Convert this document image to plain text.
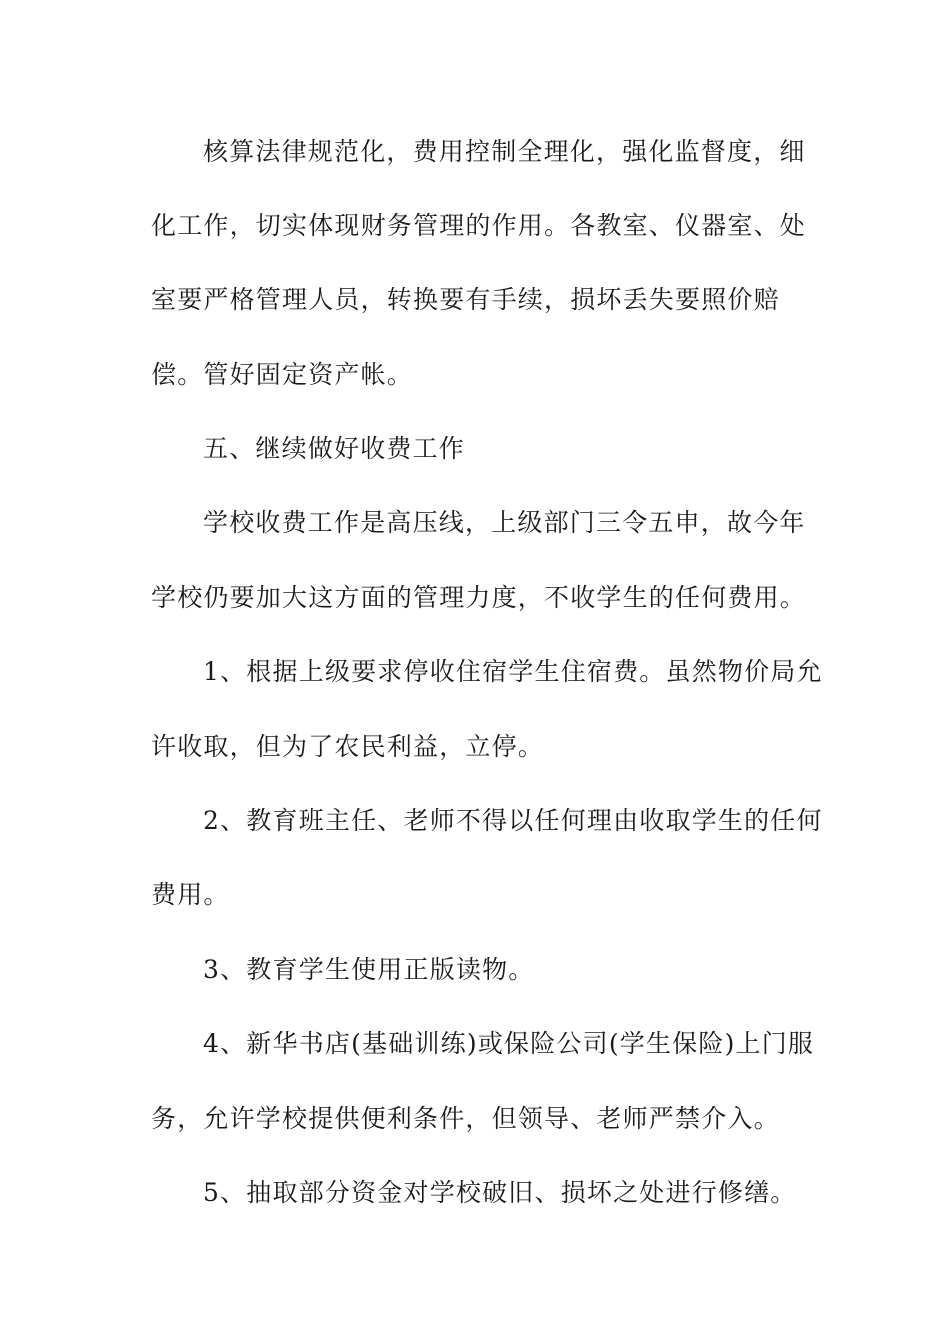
核算法律规范化，费用控制全理化，强化监督度，细
化工作，切实体现财务管理的作用。各教室、仪器室、处
室要严格管理人员，转换要有手续，损坏丢失要照价赔
偿。管好固定资产帐。
五、继续做好收费工作
学校收费工作是高压线，上级部门三令五申，故今年
学校仍要加大这方面的管理力度，不收学生的任何费用。
1、根据上级要求停收住宿学生住宿费。虽然物价局允
许收取，但为了农民利益，立停。
2、教育班主任、老师不得以任何理由收取学生的任何
费用。
3、教育学生使用正版读物。
4、新华书店(基础训练)或保险公司(学生保险)上门服
务，允许学校提供便利条件，但领导、老师严禁介入。
5、抽取部分资金对学校破旧、损坏之处进行修缮。
